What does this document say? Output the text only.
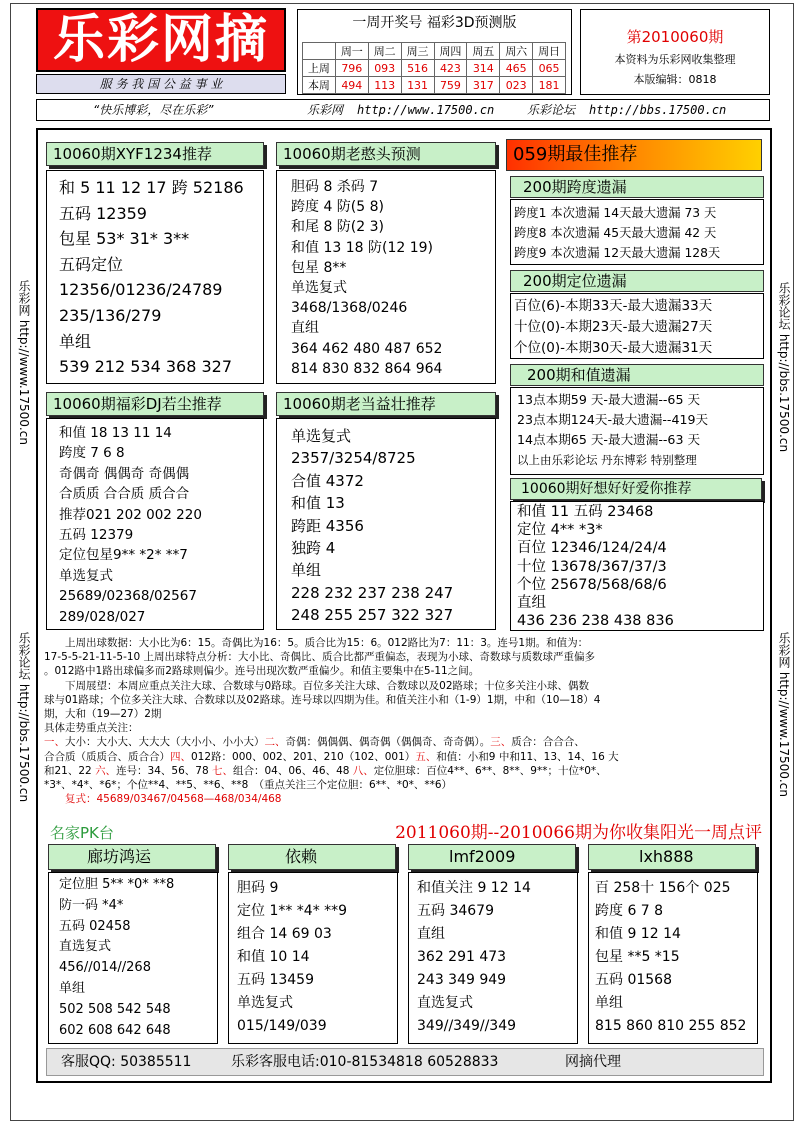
乐彩网摘
服 务 我 国 公 益 事 业
一周开奖号 福彩3D预测版
	周一	周二	周三	周四	周五	周六	周日
上周	796	093	516	423	314	465	065
本周	494	113	131	759	317	023	181
第2010060期
本资料为乐彩网收集整理
本版编辑：0818
“快乐博彩，尽在乐彩”	乐彩网 http://www.17500.cn	乐彩论坛 http://bbs.17500.cn
乐彩网 http://www.17500.cn
乐彩论坛 http://bbs.17500.cn
乐彩论坛 http://bbs.17500.cn
乐彩网 http://www.17500.cn
10060期XYF1234推荐
和 5 11 12 17 跨 52186
五码 12359
包星 53* 31* 3**
五码定位
12356/01236/24789
235/136/279
单组
539 212 534 368 327
10060期老憨头预测
胆码 8 杀码 7
跨度 4 防(5 8)
和尾 8 防(2 3)
和值 13 18 防(12 19)
包星 8**
单选复式
3468/1368/0246
直组
364 462 480 487 652
814 830 832 864 964
10060期福彩DJ若尘推荐
和值 18 13 11 14
跨度 7 6 8
奇偶奇 偶偶奇 奇偶偶
合质质 合合质 质合合
推荐021 202 002 220
五码 12379
定位包星9** *2* **7
单选复式
25689/02368/02567
289/028/027
10060期老当益壮推荐
单选复式
2357/3254/8725
合值 4372
和值 13
跨距 4356
独跨 4
单组
228 232 237 238 247
248 255 257 322 327
059期最佳推荐
200期跨度遗漏
跨度1 本次遗漏 14天最大遗漏 73 天
跨度8 本次遗漏 45天最大遗漏 42 天
跨度9 本次遗漏 12天最大遗漏 128天
200期定位遗漏
百位(6)-本期33天-最大遗漏33天
十位(0)-本期23天-最大遗漏27天
个位(0)-本期30天-最大遗漏31天
200期和值遗漏
13点本期59 天-最大遗漏--65 天
23点本期124天-最大遗漏--419天
14点本期65 天-最大遗漏--63 天
以上由乐彩论坛 丹东博彩 特别整理
10060期好想好好爱你推荐
和值 11 五码 23468
定位 4** *3*
百位 12346/124/24/4
十位 13678/367/37/3
个位 25678/568/68/6
直组
436 236 238 438 836
　　上周出球数据：大小比为6：15。奇偶比为16：5。质合比为15：6。012路比为7：11：3。连号1期。和值为：
17-5-5-21-11-5-10 上周出球特点分析：大小比、奇偶比、质合比都严重偏态，表现为小球、奇数球与质数球严重偏多
。012路中1路出球偏多而2路球则偏少。连号出现次数严重偏少。和值主要集中在5-11之间。
　　下周展望：本周应重点关注大球、合数球与0路球。百位多关注大球、合数球以及02路球；十位多关注小球、偶数
球与01路球；个位多关注大球、合数球以及02路球。连号球以四期为佳。和值关注小和（1-9）1期，中和（10—18）4
期，大和（19—27）2期
具体走势重点关注：
一、大小：大小大、大大大（大小小、小小大）二、奇偶：偶偶偶、偶奇偶（偶偶奇、奇奇偶）。三、质合：合合合、
合合质（质质合、质合合）四、012路：000、002、201、210（102、001）五、和值：小和9 中和11、13、14、16 大
和21、22 六、连号：34、56、78 七、组合：04、06、46、48 八、定位胆球：百位4**、6**、8**、9**；十位*0*、
*3*、*4*、*6*；个位**4、**5、**6、**8　（重点关注三个定位胆：6**、*0*、**6）
　　复式：45689/03467/04568—468/034/468
名家PK台	2011060期--2010066期为你收集阳光一周点评
廊坊鸿运
定位胆 5** *0* **8
防一码 *4*
五码 02458
直选复式
456//014//268
单组
502 508 542 548
602 608 642 648
依赖
胆码 9
定位 1** *4* **9
组合 14 69 03
和值 10 14
五码 13459
单选复式
015/149/039
lmf2009
和值关注 9 12 14
五码 34679
直组
362 291 473
243 349 949
直选复式
349//349//349
lxh888
百 258十 156个 025
跨度 6 7 8
和值 9 12 14
包星 **5 *15
五码 01568
单组
815 860 810 255 852
客服QQ: 50385511	乐彩客服电话:010-81534818 60528833	网摘代理
